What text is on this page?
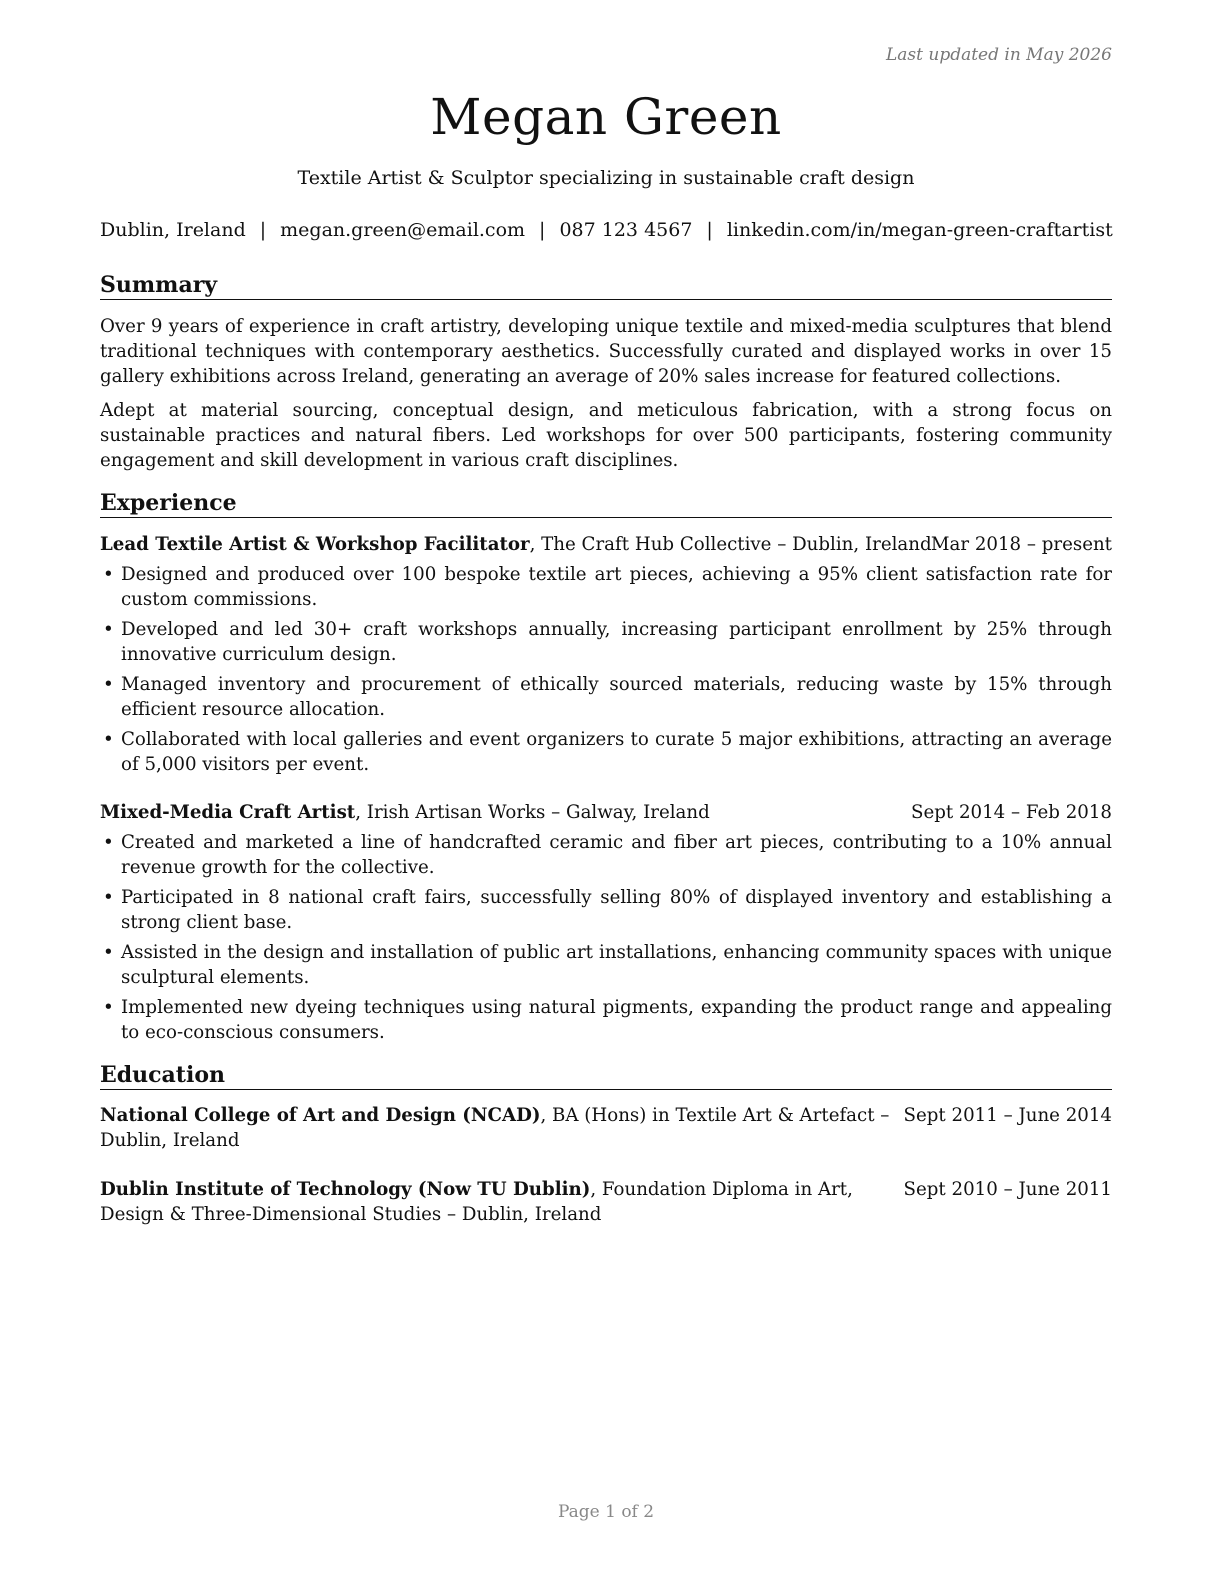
Last updated in May 2026
Megan Green
Textile Artist & Sculptor specializing in sustainable craft design
Dublin, Ireland | megan.green@email.com | 087 123 4567 | linkedin.com/in/megan-green-craftartist
Summary
Over 9 years of experience in craft artistry, developing unique textile and mixed-media sculptures that blend traditional techniques with contemporary aesthetics. Successfully curated and displayed works in over 15 gallery exhibitions across Ireland, generating an average of 20% sales increase for featured collections.
Adept at material sourcing, conceptual design, and meticulous fabrication, with a strong focus on sustainable practices and natural fibers. Led workshops for over 500 participants, fostering community engagement and skill development in various craft disciplines.
Experience
Lead Textile Artist & Workshop Facilitator, The Craft Hub Collective – Dublin, Ireland Mar 2018 – present
• Designed and produced over 100 bespoke textile art pieces, achieving a 95% client satisfaction rate for custom commissions.
• Developed and led 30+ craft workshops annually, increasing participant enrollment by 25% through innovative curriculum design.
• Managed inventory and procurement of ethically sourced materials, reducing waste by 15% through efficient resource allocation.
• Collaborated with local galleries and event organizers to curate 5 major exhibitions, attracting an average of 5,000 visitors per event.
Mixed-Media Craft Artist, Irish Artisan Works – Galway, Ireland	Sept 2014 – Feb 2018
• Created and marketed a line of handcrafted ceramic and fiber art pieces, contributing to a 10% annual revenue growth for the collective.
• Participated in 8 national craft fairs, successfully selling 80% of displayed inventory and establishing a strong client base.
• Assisted in the design and installation of public art installations, enhancing community spaces with unique sculptural elements.
• Implemented new dyeing techniques using natural pigments, expanding the product range and appealing to eco-conscious consumers.
Education
National College of Art and Design (NCAD), BA (Hons) in Textile Art & Artefact – Dublin, Ireland
Sept 2011 – June 2014
Dublin Institute of Technology (Now TU Dublin), Foundation Diploma in Art, Design & Three-Dimensional Studies – Dublin, Ireland
Sept 2010 – June 2011
Page 1 of 2
